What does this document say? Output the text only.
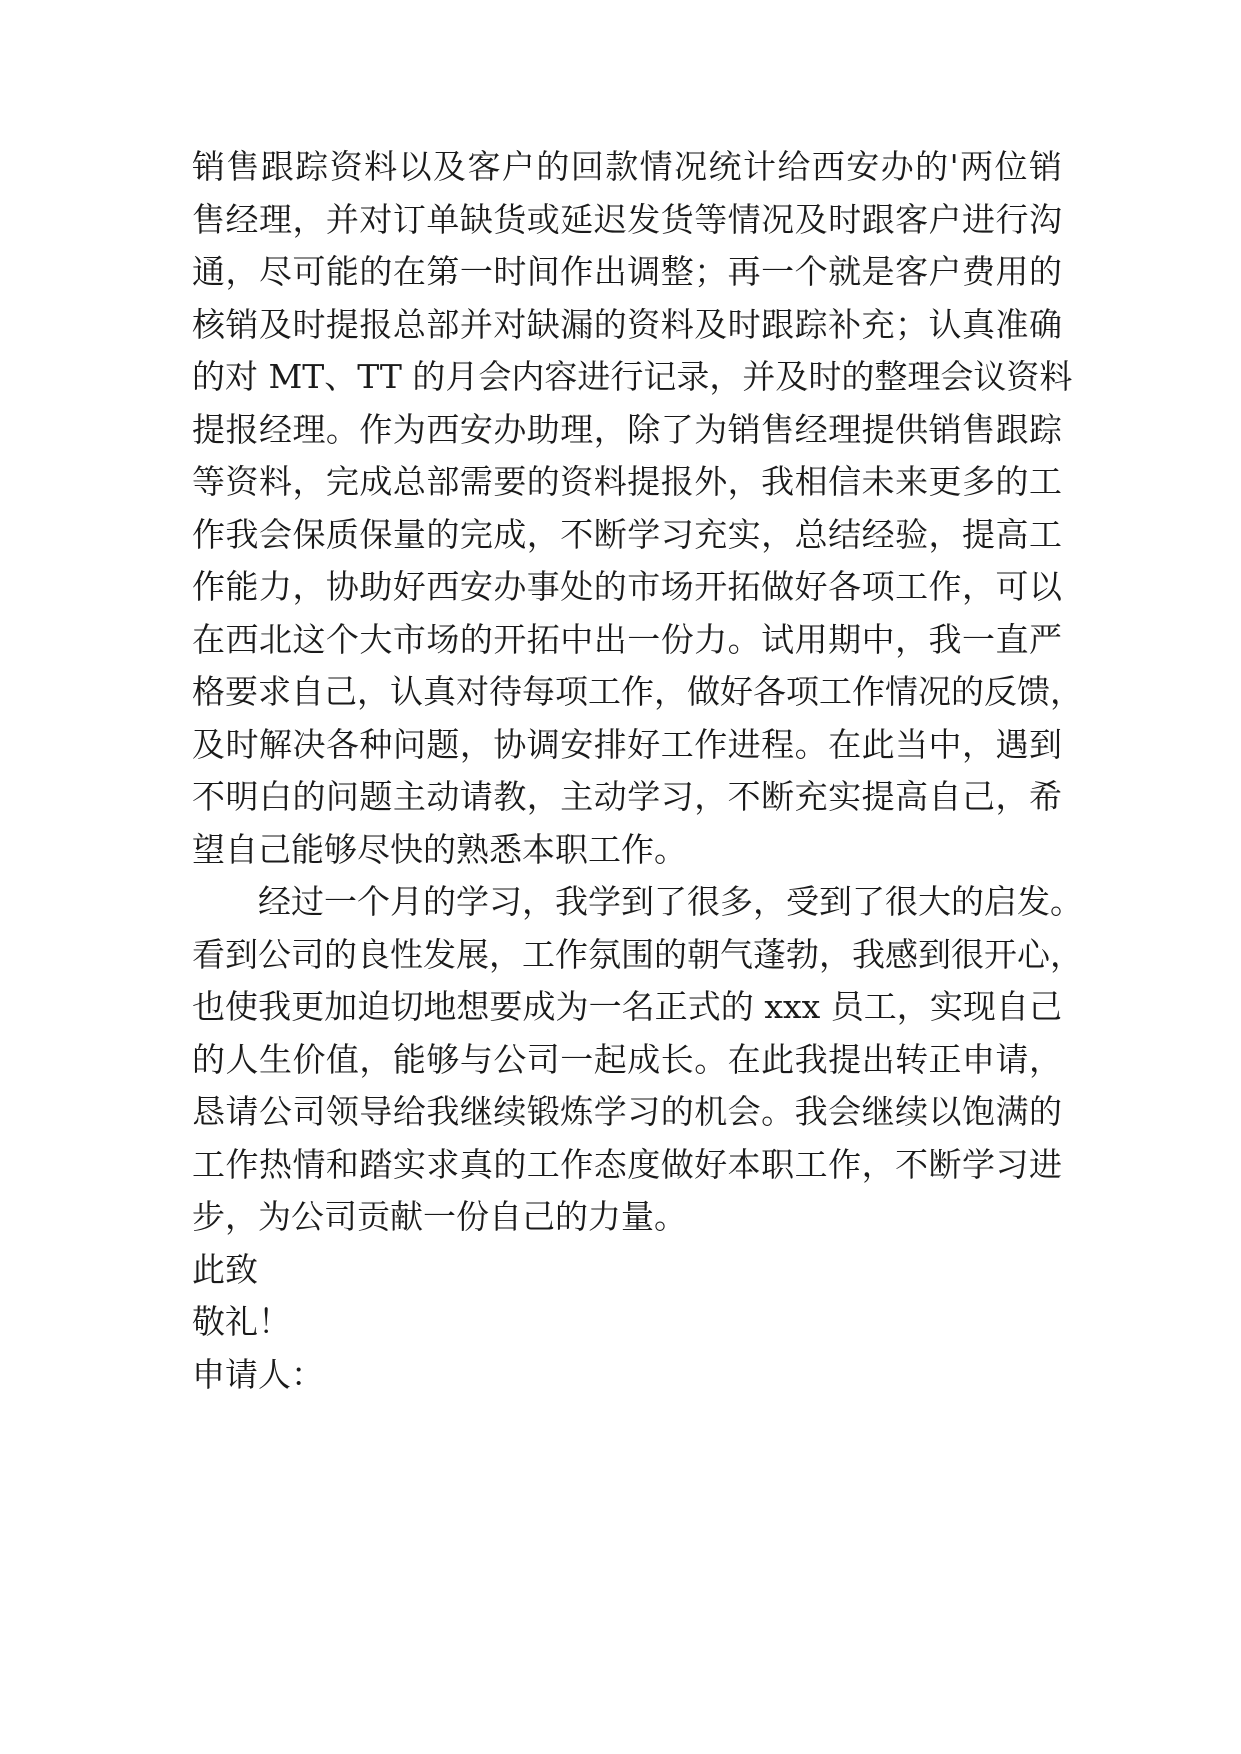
销售跟踪资料以及客户的回款情况统计给西安办的'两位销
售经理，并对订单缺货或延迟发货等情况及时跟客户进行沟
通，尽可能的在第一时间作出调整；再一个就是客户费用的
核销及时提报总部并对缺漏的资料及时跟踪补充；认真准确
的对 MT、TT 的月会内容进行记录，并及时的整理会议资料
提报经理。作为西安办助理，除了为销售经理提供销售跟踪
等资料，完成总部需要的资料提报外，我相信未来更多的工
作我会保质保量的完成，不断学习充实，总结经验，提高工
作能力，协助好西安办事处的市场开拓做好各项工作，可以
在西北这个大市场的开拓中出一份力。试用期中，我一直严
格要求自己，认真对待每项工作，做好各项工作情况的反馈，
及时解决各种问题，协调安排好工作进程。在此当中，遇到
不明白的问题主动请教，主动学习，不断充实提高自己，希
望自己能够尽快的熟悉本职工作。
经过一个月的学习，我学到了很多，受到了很大的启发。
看到公司的良性发展，工作氛围的朝气蓬勃，我感到很开心，
也使我更加迫切地想要成为一名正式的 xxx 员工，实现自己
的人生价值，能够与公司一起成长。在此我提出转正申请，
恳请公司领导给我继续锻炼学习的机会。我会继续以饱满的
工作热情和踏实求真的工作态度做好本职工作，不断学习进
步，为公司贡献一份自己的力量。
此致
敬礼！
申请人：
